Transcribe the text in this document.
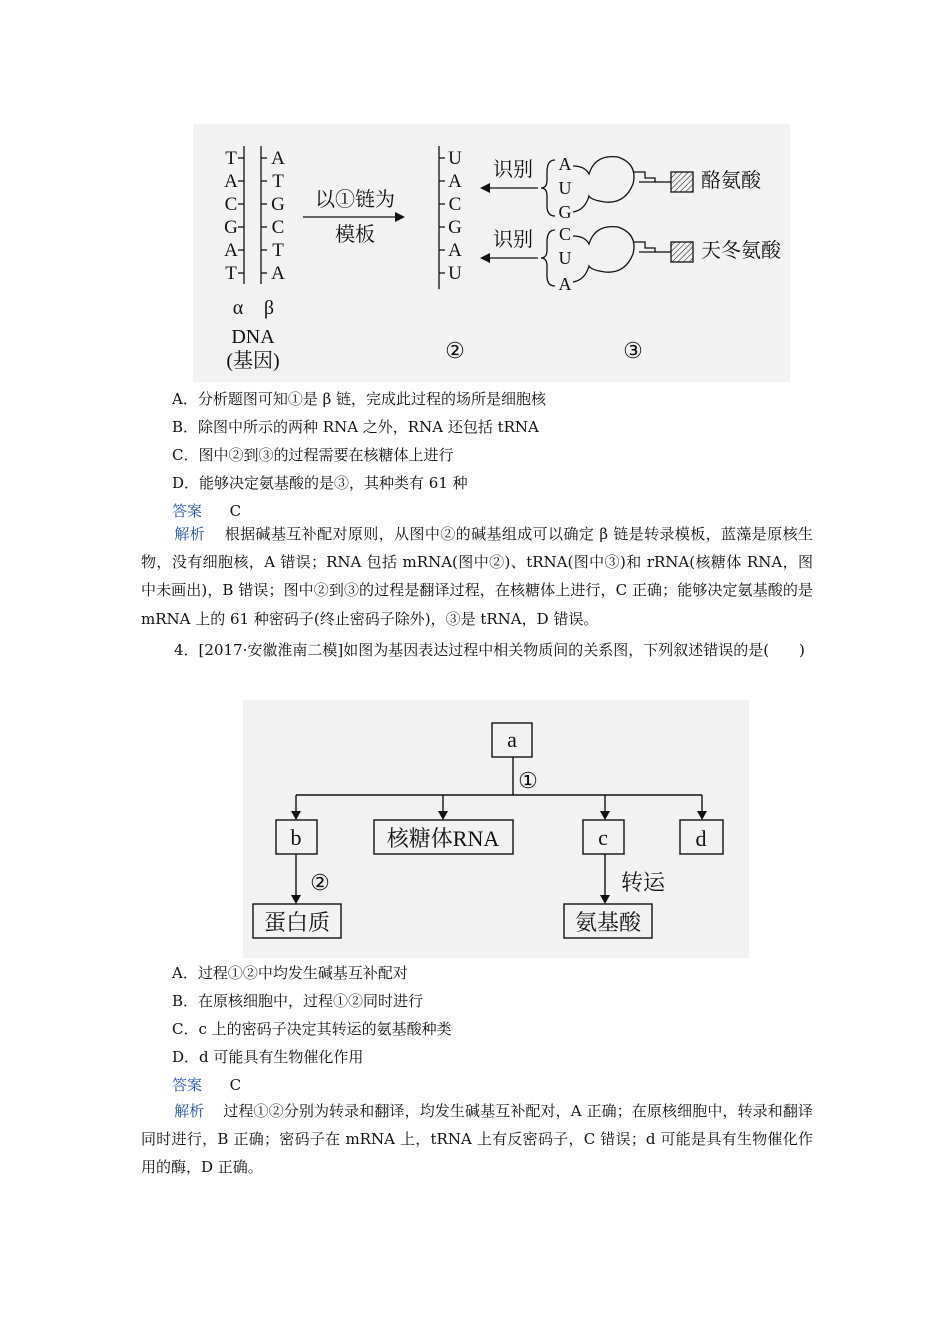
T
A
C
G
A
T
A
T
G
C
T
A
α β
DNA
(基因)
以①链为
模板
U
A
C
G
A
U
②
识别
识别
A
U
G
酪氨酸
C
U
A
天冬氨酸
③
A．分析题图可知①是 β 链，完成此过程的场所是细胞核
B．除图中所示的两种 RNA 之外，RNA 还包括 tRNA
C．图中②到③的过程需要在核糖体上进行
D．能够决定氨基酸的是③，其种类有 61 种
答案 C
解析 根据碱基互补配对原则，从图中②的碱基组成可以确定 β 链是转录模板，蓝藻是原核生物，没有细胞核，A 错误；RNA 包括 mRNA(图中②)、tRNA(图中③)和 rRNA(核糖体 RNA，图中未画出)，B 错误；图中②到③的过程是翻译过程，在核糖体上进行，C 正确；能够决定氨基酸的是 mRNA 上的 61 种密码子(终止密码子除外)，③是 tRNA，D 错误。
4．[2017·安徽淮南二模]如图为基因表达过程中相关物质间的关系图，下列叙述错误的是(　　)
a
①
b	核糖体RNA	c	d
②	转运
蛋白质	氨基酸
A．过程①②中均发生碱基互补配对
B．在原核细胞中，过程①②同时进行
C．c 上的密码子决定其转运的氨基酸种类
D．d 可能具有生物催化作用
答案 C
解析 过程①②分别为转录和翻译，均发生碱基互补配对，A 正确；在原核细胞中，转录和翻译同时进行，B 正确；密码子在 mRNA 上，tRNA 上有反密码子，C 错误；d 可能是具有生物催化作用的酶，D 正确。
